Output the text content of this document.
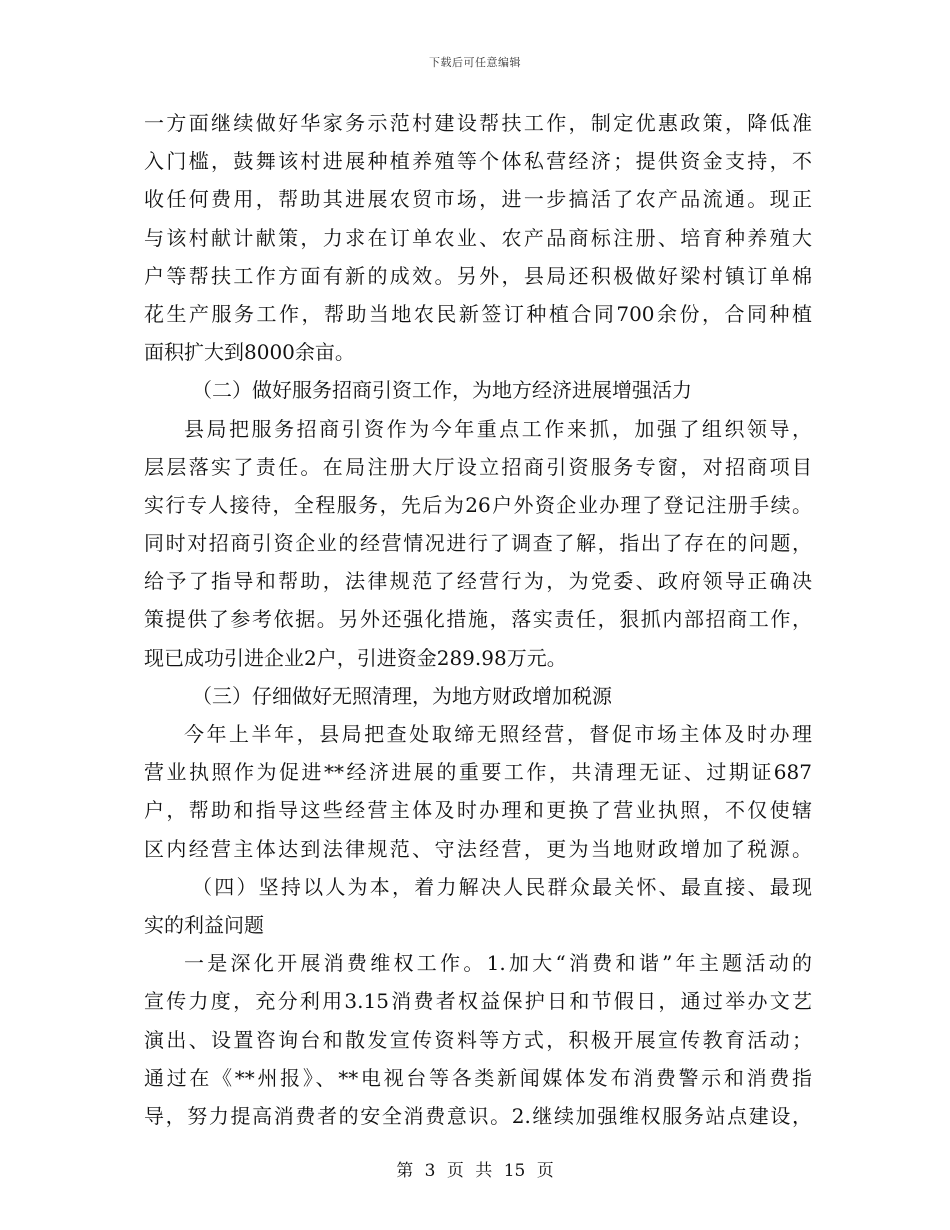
下载后可任意编辑
一方面继续做好华家务示范村建设帮扶工作，制定优惠政策，降低准
入门槛，鼓舞该村进展种植养殖等个体私营经济；提供资金支持，不
收任何费用，帮助其进展农贸市场，进一步搞活了农产品流通。现正
与该村献计献策，力求在订单农业、农产品商标注册、培育种养殖大
户等帮扶工作方面有新的成效。另外，县局还积极做好梁村镇订单棉
花生产服务工作，帮助当地农民新签订种植合同700余份，合同种植
面积扩大到8000余亩。
（二）做好服务招商引资工作，为地方经济进展增强活力
县局把服务招商引资作为今年重点工作来抓，加强了组织领导，
层层落实了责任。在局注册大厅设立招商引资服务专窗，对招商项目
实行专人接待，全程服务，先后为26户外资企业办理了登记注册手续。
同时对招商引资企业的经营情况进行了调查了解，指出了存在的问题，
给予了指导和帮助，法律规范了经营行为，为党委、政府领导正确决
策提供了参考依据。另外还强化措施，落实责任，狠抓内部招商工作，
现已成功引进企业2户，引进资金289.98万元。
（三）仔细做好无照清理，为地方财政增加税源
今年上半年，县局把查处取缔无照经营，督促市场主体及时办理
营业执照作为促进**经济进展的重要工作，共清理无证、过期证687
户，帮助和指导这些经营主体及时办理和更换了营业执照，不仅使辖
区内经营主体达到法律规范、守法经营，更为当地财政增加了税源。
（四）坚持以人为本，着力解决人民群众最关怀、最直接、最现
实的利益问题
一是深化开展消费维权工作。1.加大“消费和谐”年主题活动的
宣传力度，充分利用3.15消费者权益保护日和节假日，通过举办文艺
演出、设置咨询台和散发宣传资料等方式，积极开展宣传教育活动；
通过在《**州报》、**电视台等各类新闻媒体发布消费警示和消费指
导，努力提高消费者的安全消费意识。2.继续加强维权服务站点建设，
第 3 页 共 15 页
